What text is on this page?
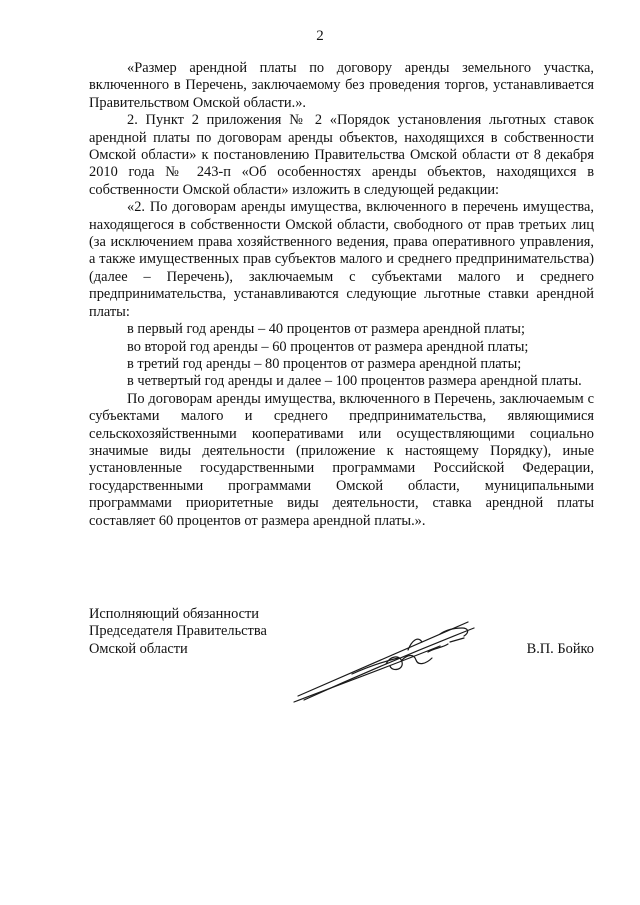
2

«Размер арендной платы по договору аренды земельного участка, включенного в Перечень, заключаемому без проведения торгов, устанавливается Правительством Омской области.».

2. Пункт 2 приложения № 2 «Порядок установления льготных ставок арендной платы по договорам аренды объектов, находящихся в собственности Омской области» к постановлению Правительства Омской области от 8 декабря 2010 года № 243-п «Об особенностях аренды объектов, находящихся в собственности Омской области» изложить в следующей редакции:

«2. По договорам аренды имущества, включенного в перечень имущества, находящегося в собственности Омской области, свободного от прав третьих лиц (за исключением права хозяйственного ведения, права оперативного управления, а также имущественных прав субъектов малого и среднего предпринимательства) (далее – Перечень), заключаемым с субъектами малого и среднего предпринимательства, устанавливаются следующие льготные ставки арендной платы:

в первый год аренды – 40 процентов от размера арендной платы;

во второй год аренды – 60 процентов от размера арендной платы;

в третий год аренды – 80 процентов от размера арендной платы;

в четвертый год аренды и далее – 100 процентов размера арендной платы.

По договорам аренды имущества, включенного в Перечень, заключаемым с субъектами малого и среднего предпринимательства, являющимися сельскохозяйственными кооперативами или осуществляющими социально значимые виды деятельности (приложение к настоящему Порядку), иные установленные государственными программами Российской Федерации, государственными программами Омской области, муниципальными программами приоритетные виды деятельности, ставка арендной платы составляет 60 процентов от размера арендной платы.».

Исполняющий обязанности
Председателя Правительства
Омской области	В.П. Бойко
